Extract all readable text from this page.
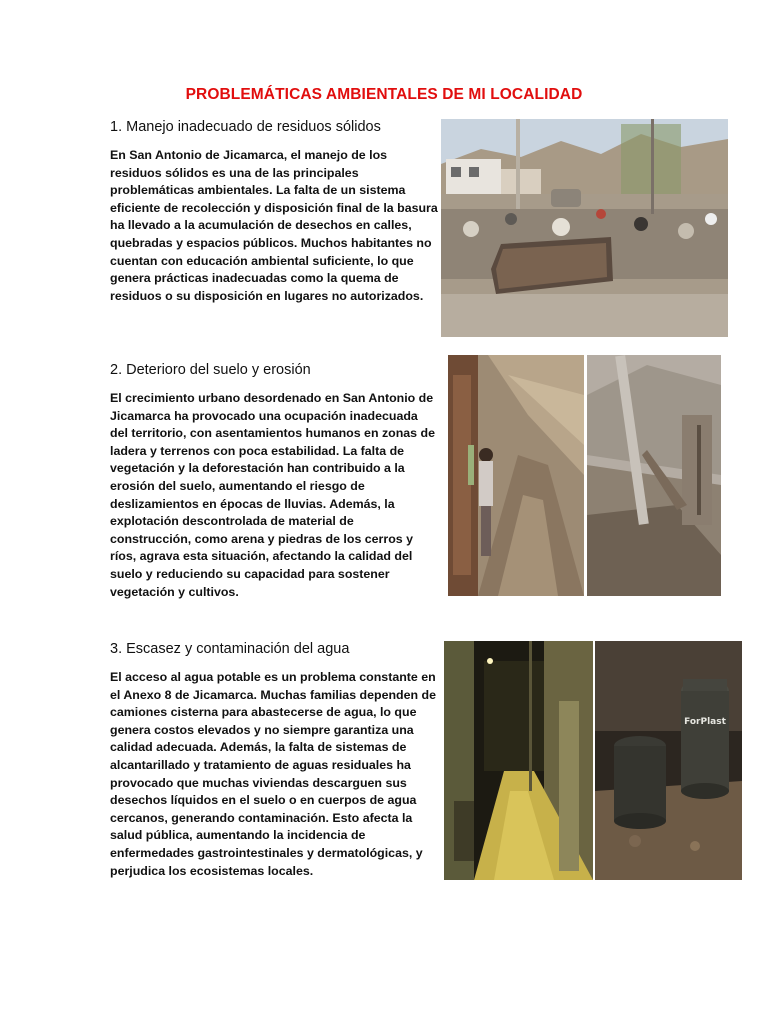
PROBLEMÁTICAS AMBIENTALES DE MI LOCALIDAD
1. Manejo inadecuado de residuos sólidos
En San Antonio de Jicamarca, el manejo de los residuos sólidos es una de las principales problemáticas ambientales. La falta de un sistema eficiente de recolección y disposición final de la basura ha llevado a la acumulación de desechos en calles, quebradas y espacios públicos. Muchos habitantes no cuentan con educación ambiental suficiente, lo que genera prácticas inadecuadas como la quema de residuos o su disposición en lugares no autorizados.
2. Deterioro del suelo y erosión
El crecimiento urbano desordenado en San Antonio de Jicamarca ha provocado una ocupación inadecuada del territorio, con asentamientos humanos en zonas de ladera y terrenos con poca estabilidad. La falta de vegetación y la deforestación han contribuido a la erosión del suelo, aumentando el riesgo de deslizamientos en épocas de lluvias. Además, la explotación descontrolada de material de construcción, como arena y piedras de los cerros y ríos, agrava esta situación, afectando la calidad del suelo y reduciendo su capacidad para sostener vegetación y cultivos.
3. Escasez y contaminación del agua
El acceso al agua potable es un problema constante en el Anexo 8 de Jicamarca. Muchas familias dependen de camiones cisterna para abastecerse de agua, lo que genera costos elevados y no siempre garantiza una calidad adecuada. Además, la falta de sistemas de alcantarillado y tratamiento de aguas residuales ha provocado que muchas viviendas descarguen sus desechos líquidos en el suelo o en cuerpos de agua cercanos, generando contaminación. Esto afecta la salud pública, aumentando la incidencia de enfermedades gastrointestinales y dermatológicas, y perjudica los ecosistemas locales.
ForPlast
